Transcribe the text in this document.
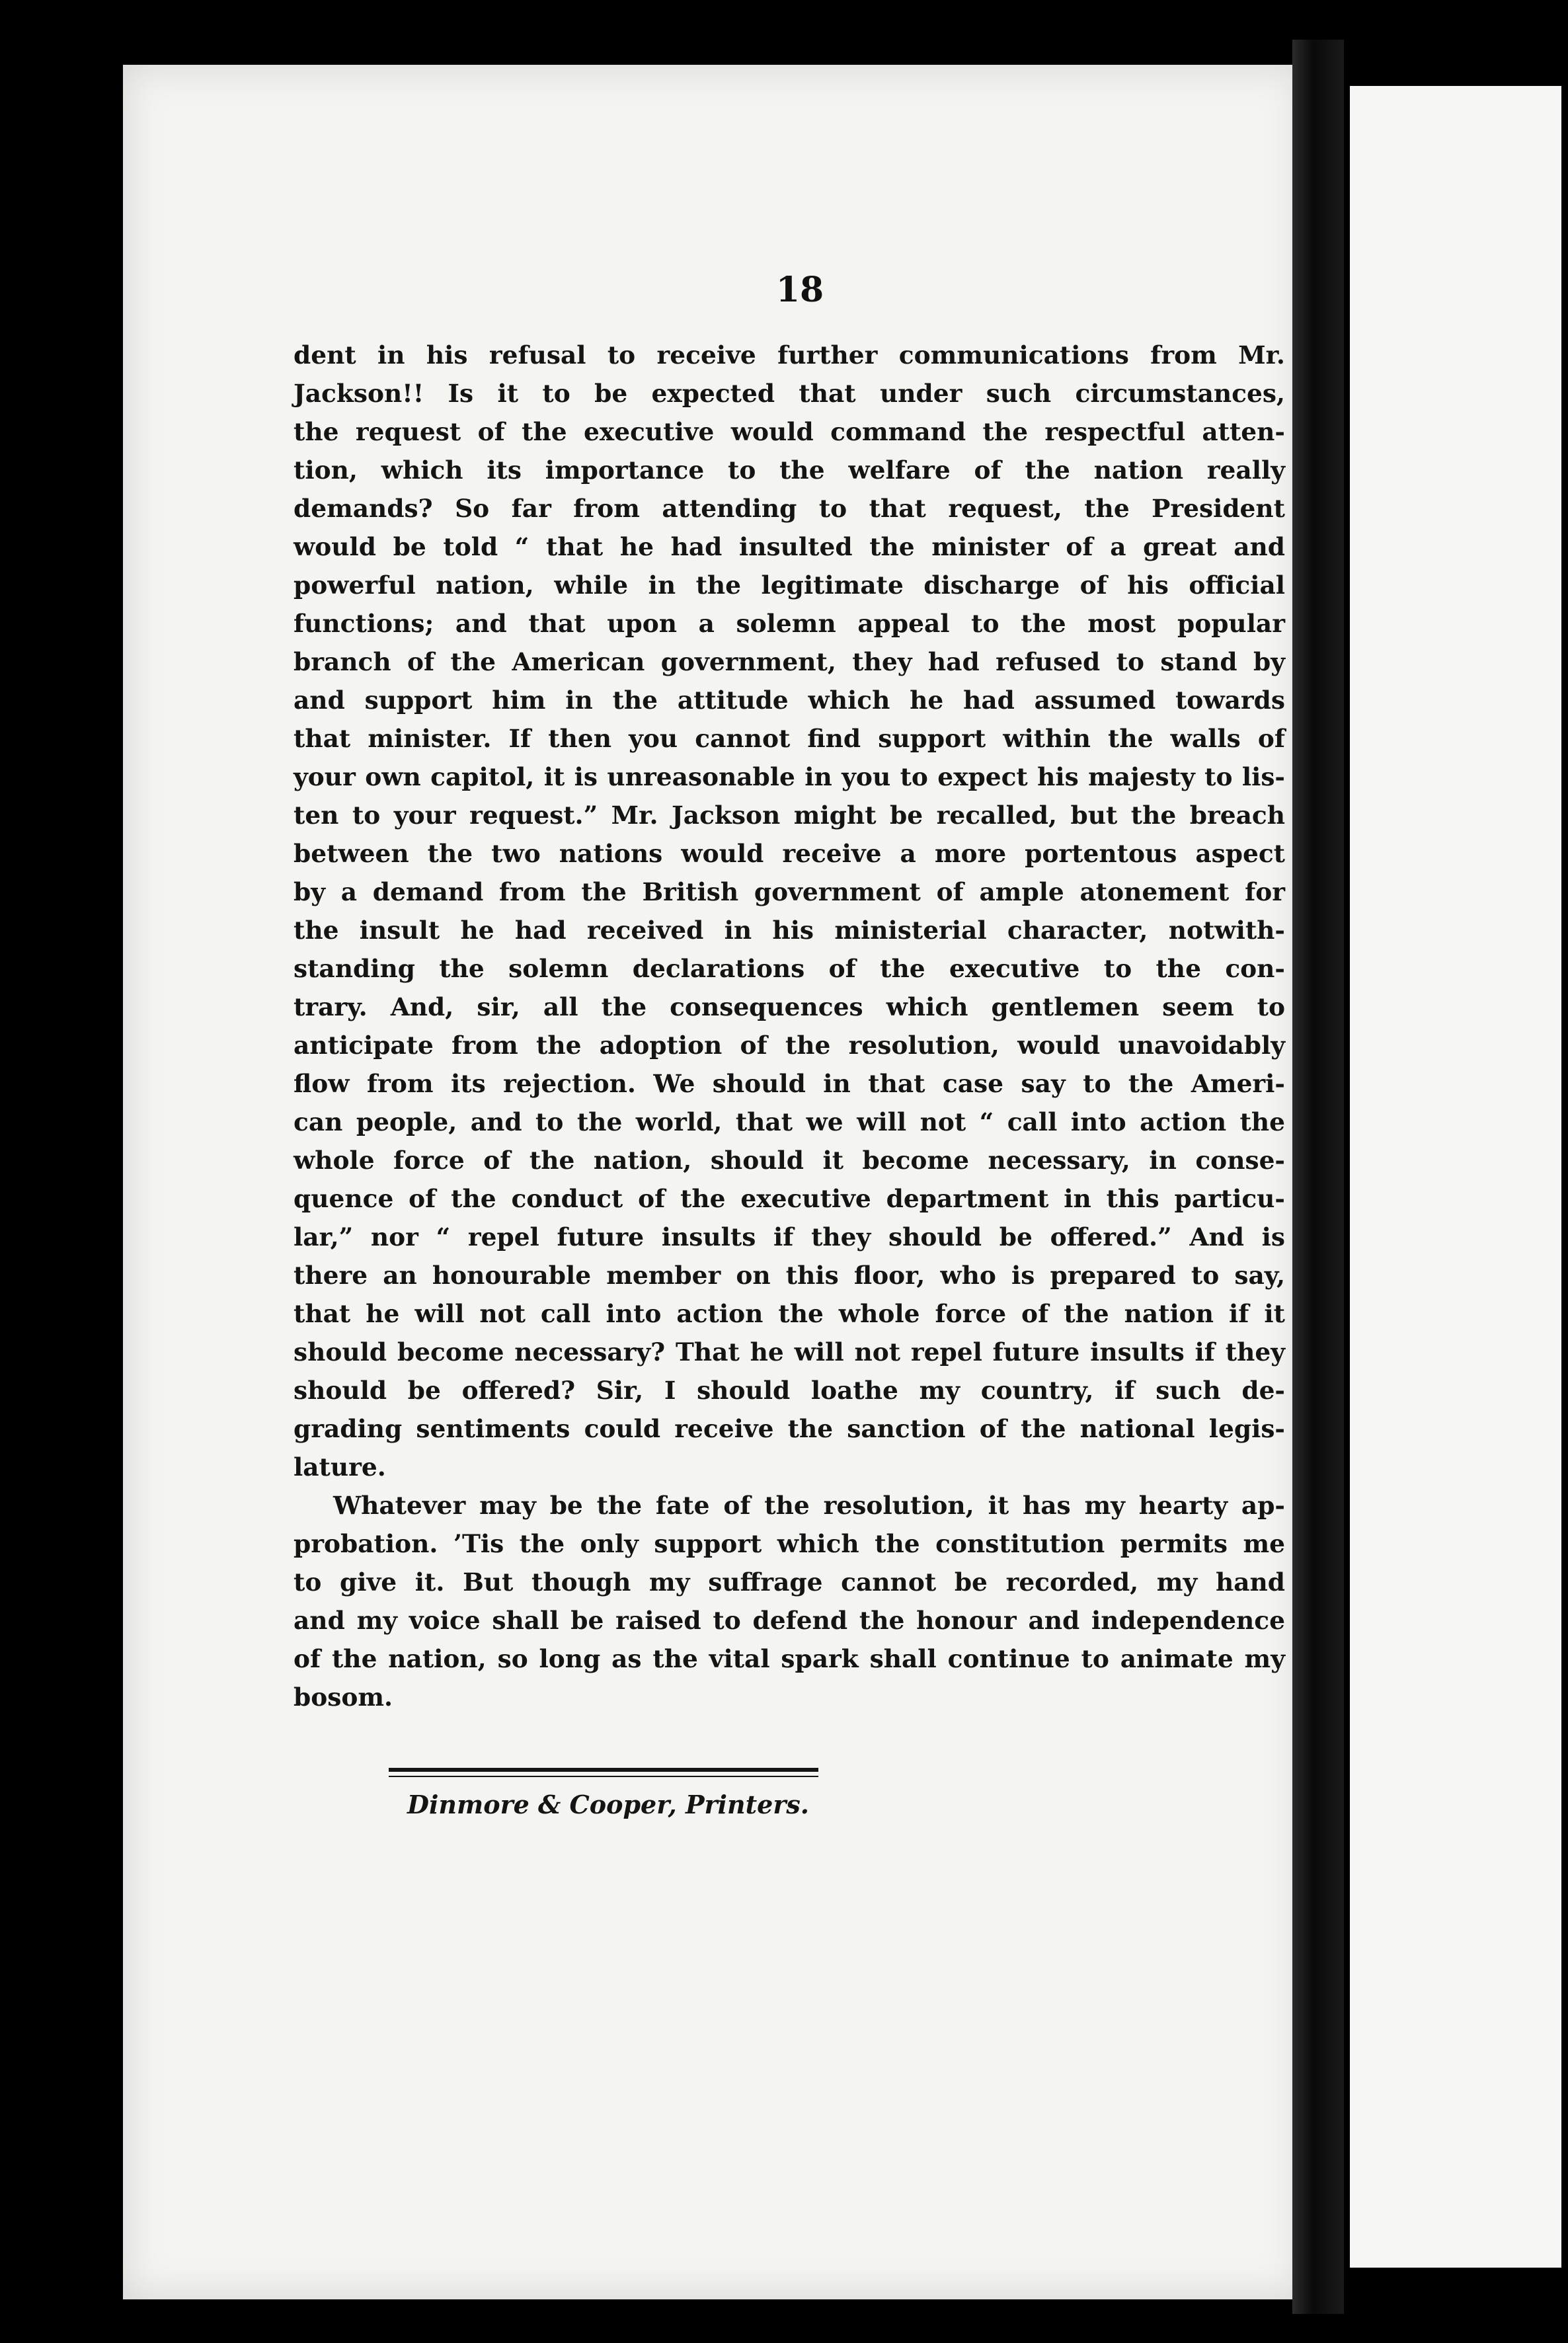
18
dent in his refusal to receive further communications from Mr.
Jackson!! Is it to be expected that under such circumstances,
the request of the executive would command the respectful atten-
tion, which its importance to the welfare of the nation really
demands? So far from attending to that request, the President
would be told “ that he had insulted the minister of a great and
powerful nation, while in the legitimate discharge of his official
functions; and that upon a solemn appeal to the most popular
branch of the American government, they had refused to stand by
and support him in the attitude which he had assumed towards
that minister. If then you cannot find support within the walls of
your own capitol, it is unreasonable in you to expect his majesty to lis-
ten to your request.” Mr. Jackson might be recalled, but the breach
between the two nations would receive a more portentous aspect
by a demand from the British government of ample atonement for
the insult he had received in his ministerial character, notwith-
standing the solemn declarations of the executive to the con-
trary. And, sir, all the consequences which gentlemen seem to
anticipate from the adoption of the resolution, would unavoidably
flow from its rejection. We should in that case say to the Ameri-
can people, and to the world, that we will not “ call into action the
whole force of the nation, should it become necessary, in conse-
quence of the conduct of the executive department in this particu-
lar,” nor “ repel future insults if they should be offered.” And is
there an honourable member on this floor, who is prepared to say,
that he will not call into action the whole force of the nation if it
should become necessary? That he will not repel future insults if they
should be offered? Sir, I should loathe my country, if such de-
grading sentiments could receive the sanction of the national legis-
lature.
Whatever may be the fate of the resolution, it has my hearty ap-
probation. ’Tis the only support which the constitution permits me
to give it. But though my suffrage cannot be recorded, my hand
and my voice shall be raised to defend the honour and independence
of the nation, so long as the vital spark shall continue to animate my
bosom.
Dinmore & Cooper, Printers.
